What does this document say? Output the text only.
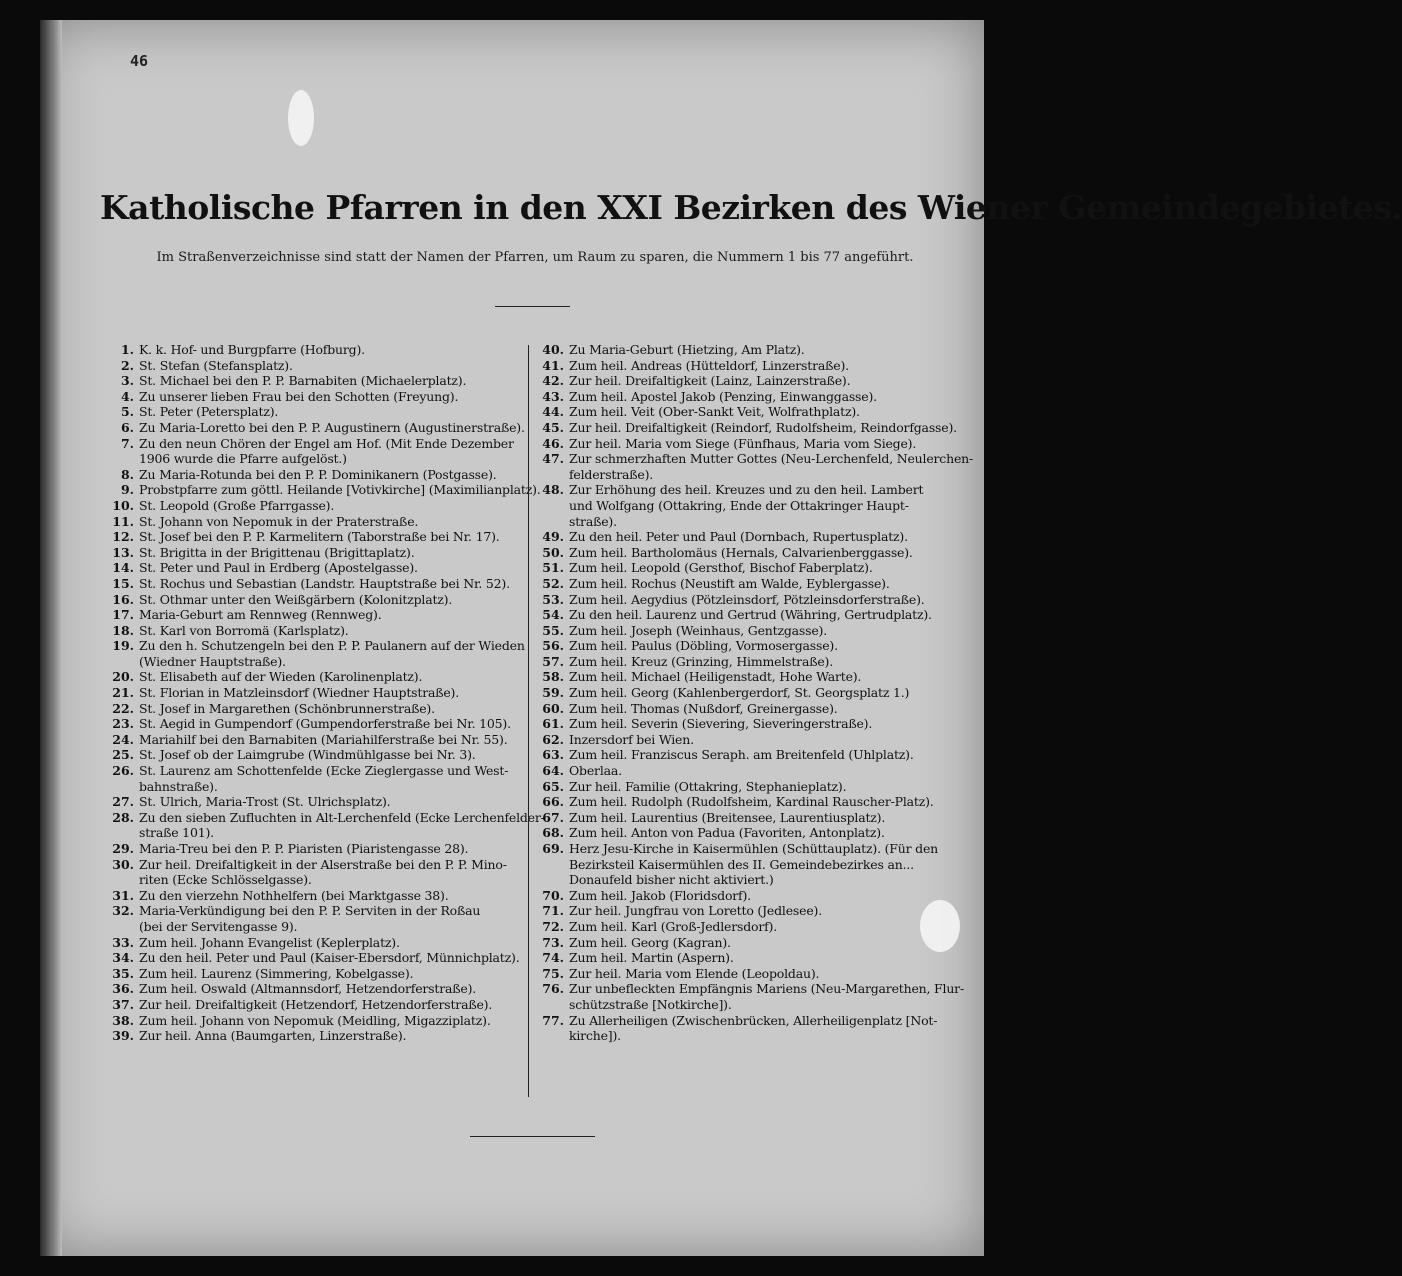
46
Katholische Pfarren in den XXI Bezirken des Wiener Gemeindegebietes.
Im Straßenverzeichnisse sind statt der Namen der Pfarren, um Raum zu sparen, die Nummern 1 bis 77 angeführt.
1. K. k. Hof- und Burgpfarre (Hofburg).
2. St. Stefan (Stefansplatz).
3. St. Michael bei den P. P. Barnabiten (Michaelerplatz).
4. Zu unserer lieben Frau bei den Schotten (Freyung).
5. St. Peter (Petersplatz).
6. Zu Maria-Loretto bei den P. P. Augustinern (Augustinerstraße).
7. Zu den neun Chören der Engel am Hof. (Mit Ende Dezember
1906 wurde die Pfarre aufgelöst.)
8. Zu Maria-Rotunda bei den P. P. Dominikanern (Postgasse).
9. Probstpfarre zum göttl. Heilande [Votivkirche] (Maximilianplatz).
10. St. Leopold (Große Pfarrgasse).
11. St. Johann von Nepomuk in der Praterstraße.
12. St. Josef bei den P. P. Karmelitern (Taborstraße bei Nr. 17).
13. St. Brigitta in der Brigittenau (Brigittaplatz).
14. St. Peter und Paul in Erdberg (Apostelgasse).
15. St. Rochus und Sebastian (Landstr. Hauptstraße bei Nr. 52).
16. St. Othmar unter den Weißgärbern (Kolonitzplatz).
17. Maria-Geburt am Rennweg (Rennweg).
18. St. Karl von Borromä (Karlsplatz).
19. Zu den h. Schutzengeln bei den P. P. Paulanern auf der Wieden
(Wiedner Hauptstraße).
20. St. Elisabeth auf der Wieden (Karolinenplatz).
21. St. Florian in Matzleinsdorf (Wiedner Hauptstraße).
22. St. Josef in Margarethen (Schönbrunnerstraße).
23. St. Aegid in Gumpendorf (Gumpendorferstraße bei Nr. 105).
24. Mariahilf bei den Barnabiten (Mariahilferstraße bei Nr. 55).
25. St. Josef ob der Laimgrube (Windmühlgasse bei Nr. 3).
26. St. Laurenz am Schottenfelde (Ecke Zieglergasse und West-
bahnstraße).
27. St. Ulrich, Maria-Trost (St. Ulrichsplatz).
28. Zu den sieben Zufluchten in Alt-Lerchenfeld (Ecke Lerchenfelder-
straße 101).
29. Maria-Treu bei den P. P. Piaristen (Piaristengasse 28).
30. Zur heil. Dreifaltigkeit in der Alserstraße bei den P. P. Mino-
riten (Ecke Schlösselgasse).
31. Zu den vierzehn Nothhelfern (bei Marktgasse 38).
32. Maria-Verkündigung bei den P. P. Serviten in der Roßau
(bei der Servitengasse 9).
33. Zum heil. Johann Evangelist (Keplerplatz).
34. Zu den heil. Peter und Paul (Kaiser-Ebersdorf, Münnichplatz).
35. Zum heil. Laurenz (Simmering, Kobelgasse).
36. Zum heil. Oswald (Altmannsdorf, Hetzendorferstraße).
37. Zur heil. Dreifaltigkeit (Hetzendorf, Hetzendorferstraße).
38. Zum heil. Johann von Nepomuk (Meidling, Migazziplatz).
39. Zur heil. Anna (Baumgarten, Linzerstraße).
40. Zu Maria-Geburt (Hietzing, Am Platz).
41. Zum heil. Andreas (Hütteldorf, Linzerstraße).
42. Zur heil. Dreifaltigkeit (Lainz, Lainzerstraße).
43. Zum heil. Apostel Jakob (Penzing, Einwanggasse).
44. Zum heil. Veit (Ober-Sankt Veit, Wolfrathplatz).
45. Zur heil. Dreifaltigkeit (Reindorf, Rudolfsheim, Reindorfgasse).
46. Zur heil. Maria vom Siege (Fünfhaus, Maria vom Siege).
47. Zur schmerzhaften Mutter Gottes (Neu-Lerchenfeld, Neulerchen-
felderstraße).
48. Zur Erhöhung des heil. Kreuzes und zu den heil. Lambert
und Wolfgang (Ottakring, Ende der Ottakringer Haupt-
straße).
49. Zu den heil. Peter und Paul (Dornbach, Rupertusplatz).
50. Zum heil. Bartholomäus (Hernals, Calvarienberggasse).
51. Zum heil. Leopold (Gersthof, Bischof Faberplatz).
52. Zum heil. Rochus (Neustift am Walde, Eyblergasse).
53. Zum heil. Aegydius (Pötzleinsdorf, Pötzleinsdorferstraße).
54. Zu den heil. Laurenz und Gertrud (Währing, Gertrudplatz).
55. Zum heil. Joseph (Weinhaus, Gentzgasse).
56. Zum heil. Paulus (Döbling, Vormosergasse).
57. Zum heil. Kreuz (Grinzing, Himmelstraße).
58. Zum heil. Michael (Heiligenstadt, Hohe Warte).
59. Zum heil. Georg (Kahlenbergerdorf, St. Georgsplatz 1.)
60. Zum heil. Thomas (Nußdorf, Greinergasse).
61. Zum heil. Severin (Sievering, Sieveringerstraße).
62. Inzersdorf bei Wien.
63. Zum heil. Franziscus Seraph. am Breitenfeld (Uhlplatz).
64. Oberlaa.
65. Zur heil. Familie (Ottakring, Stephanieplatz).
66. Zum heil. Rudolph (Rudolfsheim, Kardinal Rauscher-Platz).
67. Zum heil. Laurentius (Breitensee, Laurentiusplatz).
68. Zum heil. Anton von Padua (Favoriten, Antonplatz).
69. Herz Jesu-Kirche in Kaisermühlen (Schüttauplatz). (Für den
Bezirksteil Kaisermühlen des II. Gemeindebezirkes an...
Donaufeld bisher nicht aktiviert.)
70. Zum heil. Jakob (Floridsdorf).
71. Zur heil. Jungfrau von Loretto (Jedlesee).
72. Zum heil. Karl (Groß-Jedlersdorf).
73. Zum heil. Georg (Kagran).
74. Zum heil. Martin (Aspern).
75. Zur heil. Maria vom Elende (Leopoldau).
76. Zur unbefleckten Empfängnis Mariens (Neu-Margarethen, Flur-
schützstraße [Notkirche]).
77. Zu Allerheiligen (Zwischenbrücken, Allerheiligenplatz [Not-
kirche]).
